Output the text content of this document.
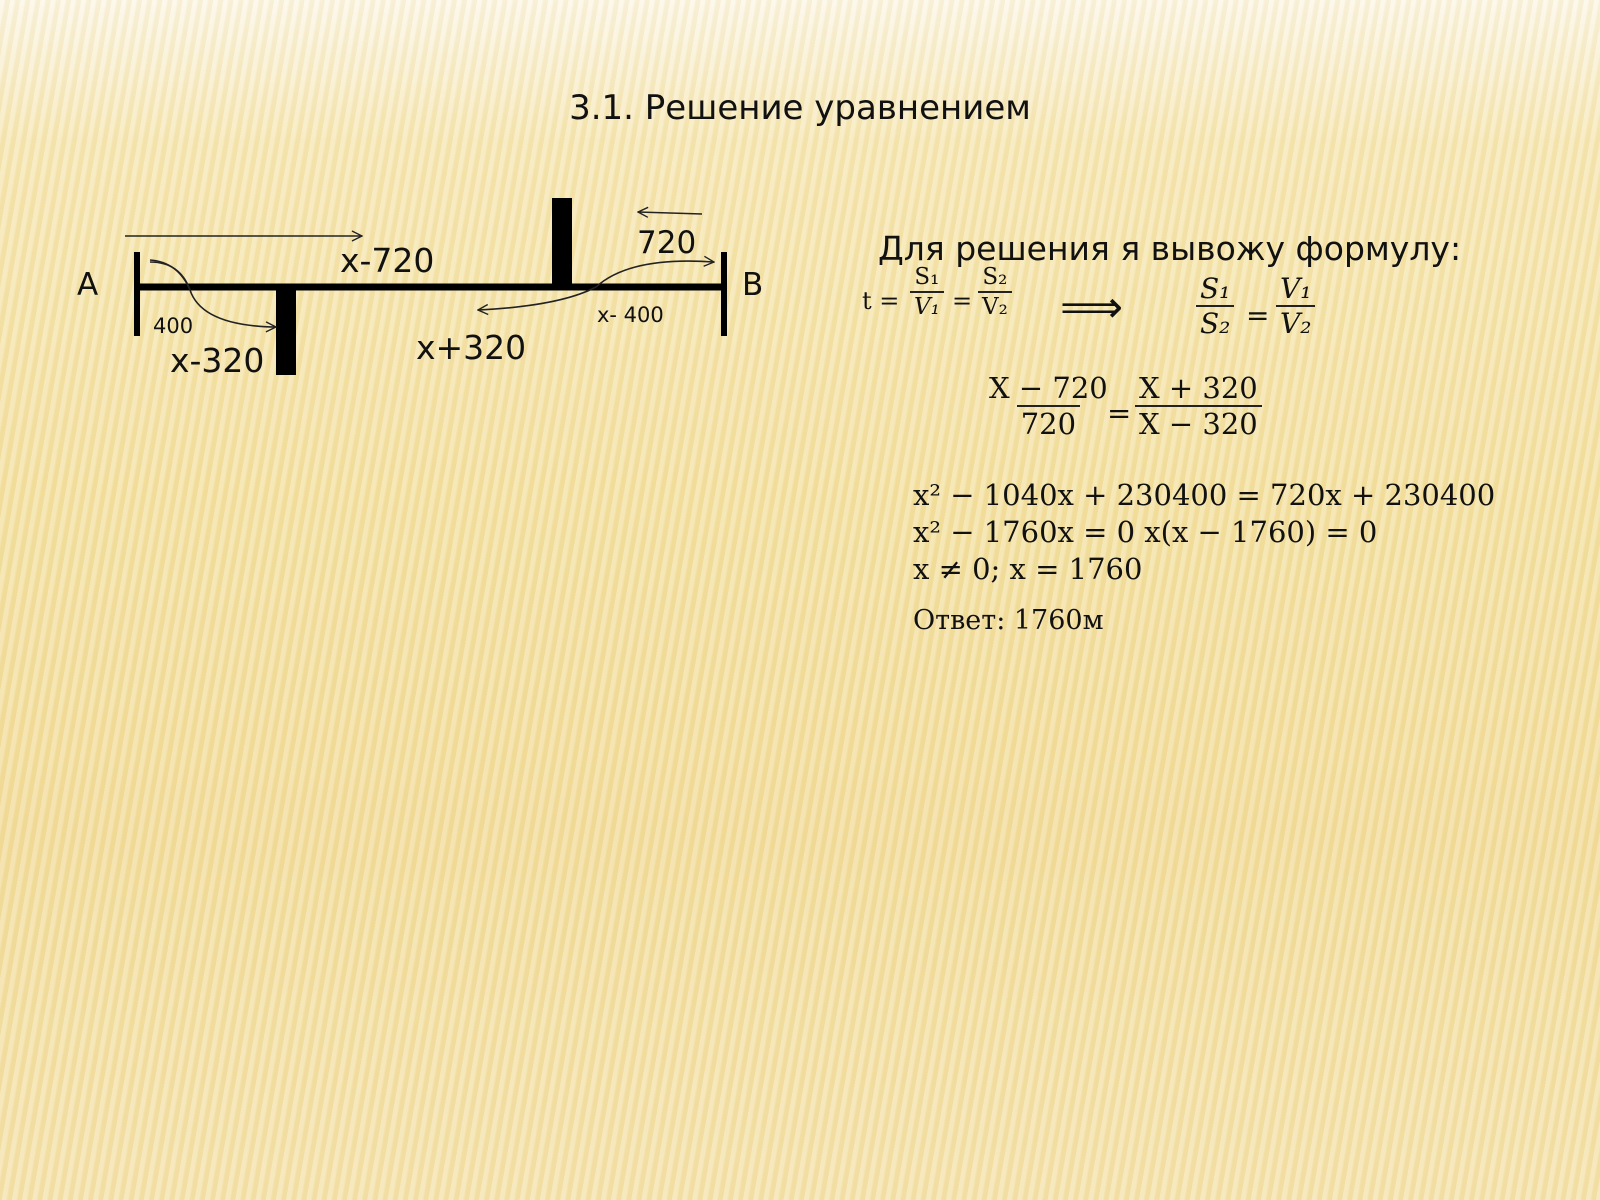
3.1. Решение уравнением
A	B
x-720	720
400	x- 400
x-320	x+320
Для решения я вывожу формулу:
$t = \frac{\text{S₁}}{\text{V₁}} = \frac{\text{S₂}}{\text{V₂}}$ ⟹	$\frac{\text{S₁}}{\text{S₂}} = \frac{\text{V₁}}{\text{V₂}}$
$\frac{X - 720}{720}$
= $\frac{X + 320}{X - 320}$
x² − 1040x + 230400 = 720x + 230400
x² − 1760x = 0 x(x − 1760) = 0
x ≠ 0; x = 1760
Ответ: 1760м
